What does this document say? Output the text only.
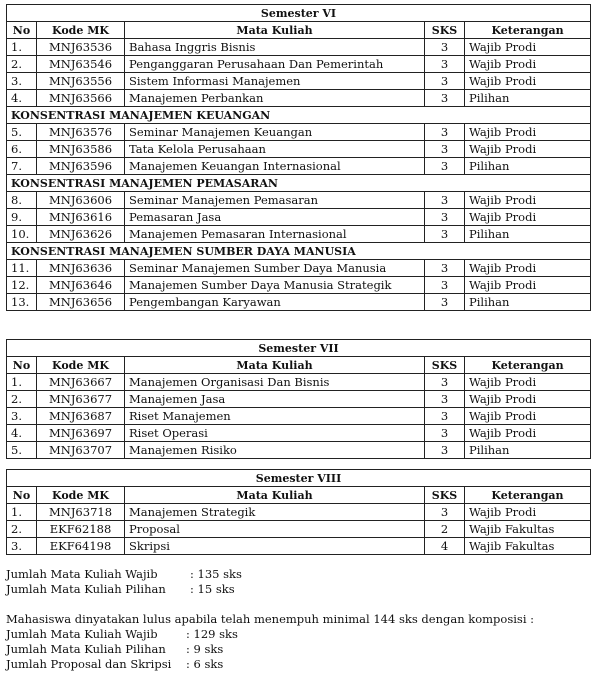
Semester VI				
No	Kode MK	Mata Kuliah	SKS	Keterangan
1.	MNJ63536	Bahasa Inggris Bisnis	3	Wajib Prodi
2.	MNJ63546	Penganggaran Perusahaan Dan Pemerintah	3	Wajib Prodi
3.	MNJ63556	Sistem Informasi Manajemen	3	Wajib Prodi
4.	MNJ63566	Manajemen Perbankan	3	Pilihan
KONSENTRASI MANAJEMEN KEUANGAN				
5.	MNJ63576	Seminar Manajemen Keuangan	3	Wajib Prodi
6.	MNJ63586	Tata Kelola Perusahaan	3	Wajib Prodi
7.	MNJ63596	Manajemen Keuangan Internasional	3	Pilihan
KONSENTRASI MANAJEMEN PEMASARAN				
8.	MNJ63606	Seminar Manajemen Pemasaran	3	Wajib Prodi
9.	MNJ63616	Pemasaran Jasa	3	Wajib Prodi
10.	MNJ63626	Manajemen Pemasaran Internasional	3	Pilihan
KONSENTRASI MANAJEMEN SUMBER DAYA MANUSIA				
11.	MNJ63636	Seminar Manajemen Sumber Daya Manusia	3	Wajib Prodi
12.	MNJ63646	Manajemen Sumber Daya Manusia Strategik	3	Wajib Prodi
13.	MNJ63656	Pengembangan Karyawan	3	Pilihan
Semester VII				
No	Kode MK	Mata Kuliah	SKS	Keterangan
1.	MNJ63667	Manajemen Organisasi Dan Bisnis	3	Wajib Prodi
2.	MNJ63677	Manajemen Jasa	3	Wajib Prodi
3.	MNJ63687	Riset Manajemen	3	Wajib Prodi
4.	MNJ63697	Riset Operasi	3	Wajib Prodi
5.	MNJ63707	Manajemen Risiko	3	Pilihan
Semester VIII				
No	Kode MK	Mata Kuliah	SKS	Keterangan
1.	MNJ63718	Manajemen Strategik	3	Wajib Prodi
2.	EKF62188	Proposal	2	Wajib Fakultas
3.	EKF64198	Skripsi	4	Wajib Fakultas
Jumlah Mata Kuliah Wajib	: 135 sks
Jumlah Mata Kuliah Pilihan	: 15 sks
Mahasiswa dinyatakan lulus apabila telah menempuh minimal 144 sks dengan komposisi :
Jumlah Mata Kuliah Wajib	: 129 sks
Jumlah Mata Kuliah Pilihan	: 9 sks
Jumlah Proposal dan Skripsi	: 6 sks
